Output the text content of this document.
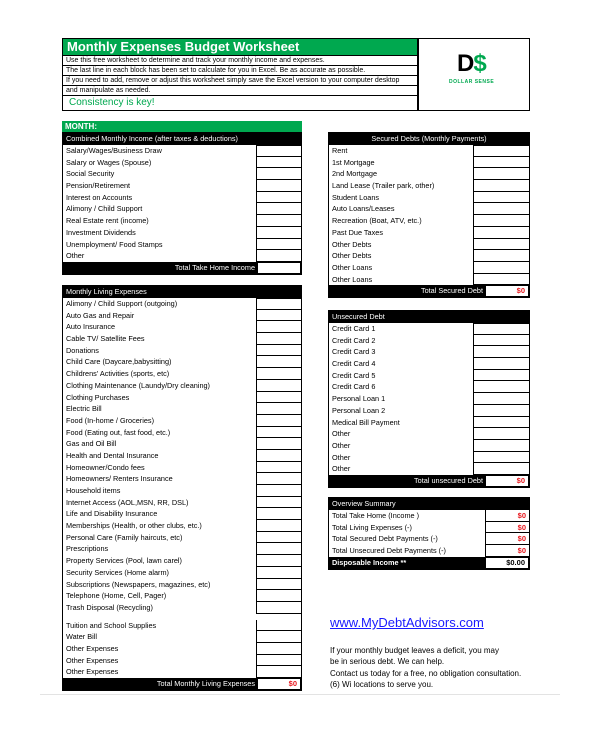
Monthly Expenses Budget Worksheet
Use this free worksheet to determine and track your monthly income and expenses.
The last line in each block has been set to calculate for you in Excel. Be as accurate as possible.
If you need to add, remove or adjust this worksheet simply save the Excel version to your computer desktop
and manipulate as needed.
Consistency is key!
D$
DOLLAR SENSE
MONTH:
Combined Monthly Income (after taxes & deductions)
Salary/Wages/Business Draw
Salary or Wages (Spouse)
Social Security
Pension/Retirement
Interest on Accounts
Alimony / Child Support
Real Estate rent (income)
Investment Dividends
Unemployment/ Food Stamps
Other
Total Take Home Income	$0
Monthly Living Expenses
Alimony / Child Support (outgoing)
Auto Gas and Repair
Auto Insurance
Cable TV/ Satellite Fees
Donations
Child Care (Daycare,babysitting)
Childrens' Activities (sports, etc)
Clothing Maintenance (Laundy/Dry cleaning)
Clothing Purchases
Electric Bill
Food (In-home / Groceries)
Food (Eating out, fast food, etc.)
Gas and Oil Bill
Health and Dental Insurance
Homeowner/Condo fees
Homeowners/ Renters Insurance
Household items
Internet Access (AOL,MSN, RR, DSL)
Life and Disability Insurance
Memberships (Health, or other clubs, etc.)
Personal Care (Family haircuts, etc)
Prescriptions
Property Services (Pool, lawn carel)
Security Services (Home alarm)
Subscriptions (Newspapers, magazines, etc)
Telephone (Home, Cell, Pager)
Trash Disposal (Recycling)
Tuition and School Supplies
Water Bill
Other Expenses
Other Expenses
Other Expenses
Total Monthly Living Expenses	$0
Secured Debts (Monthly Payments)
Rent
1st Mortgage
2nd Mortgage
Land Lease (Trailer park, other)
Student Loans
Auto Loans/Leases
Recreation (Boat, ATV, etc.)
Past Due Taxes
Other Debts
Other Debts
Other Loans
Other Loans
Total Secured Debt	$0
Unsecured Debt
Credit Card 1
Credit Card 2
Credit Card 3
Credit Card 4
Credit Card 5
Credit Card 6
Personal Loan 1
Personal Loan 2
Medical Bill Payment
Other
Other
Other
Other
Total unsecured Debt	$0
Overview Summary
Total Take Home (Income )	$0
Total Living Expenses (-)	$0
Total Secured Debt Payments (-)	$0
Total Unsecured Debt Payments (-)	$0
Disposable Income **	$0.00
www.MyDebtAdvisors.com
If your monthly budget leaves a deficit, you may
be in serious debt. We can help.
Contact us today for a free, no obligation consultation.
(6) Wi locations to serve you.
